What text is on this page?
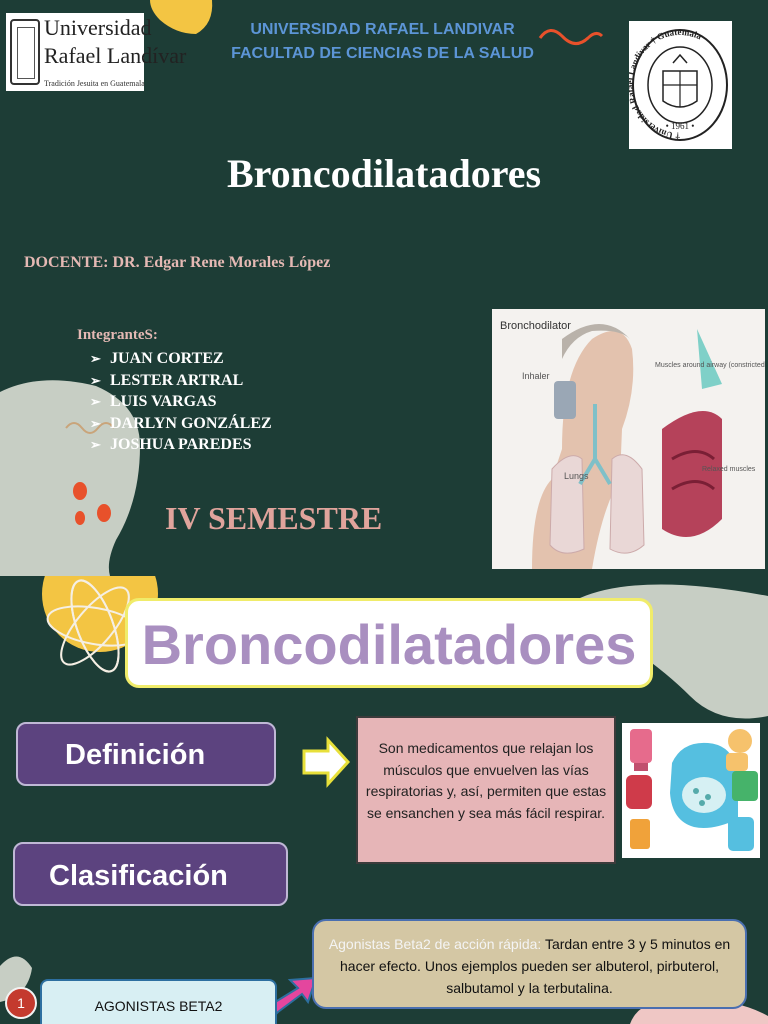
Universidad
Rafael Landívar
Tradición Jesuita en Guatemala
UNIVERSIDAD RAFAEL LANDIVAR
FACULTAD DE CIENCIAS DE LA SALUD
• 1961 •
† Universidad ndívar † Guatemala
Broncodilatadores
DOCENTE: DR. Edgar Rene Morales López
IntegranteS:
➢ JUAN CORTEZ
➢ LESTER ARTRAL
➢ LUIS VARGAS
➢ DARLYN GONZÁLEZ
➢ JOSHUA PAREDES
IV SEMESTRE
Bronchodilator
Inhaler
Lungs
Muscles around airway (constricted)
Relaxed muscles
Broncodilatadores
Definición
Clasificación
Son medicamentos que relajan los músculos que envuelven las vías respiratorias y, así, permiten que estas se ensanchen y sea más fácil respirar.
Agonistas Beta2 de acción rápida: Tardan entre 3 y 5 minutos en hacer efecto. Unos ejemplos pueden ser albuterol, pirbuterol, salbutamol y la terbutalina.
1	AGONISTAS BETA2
